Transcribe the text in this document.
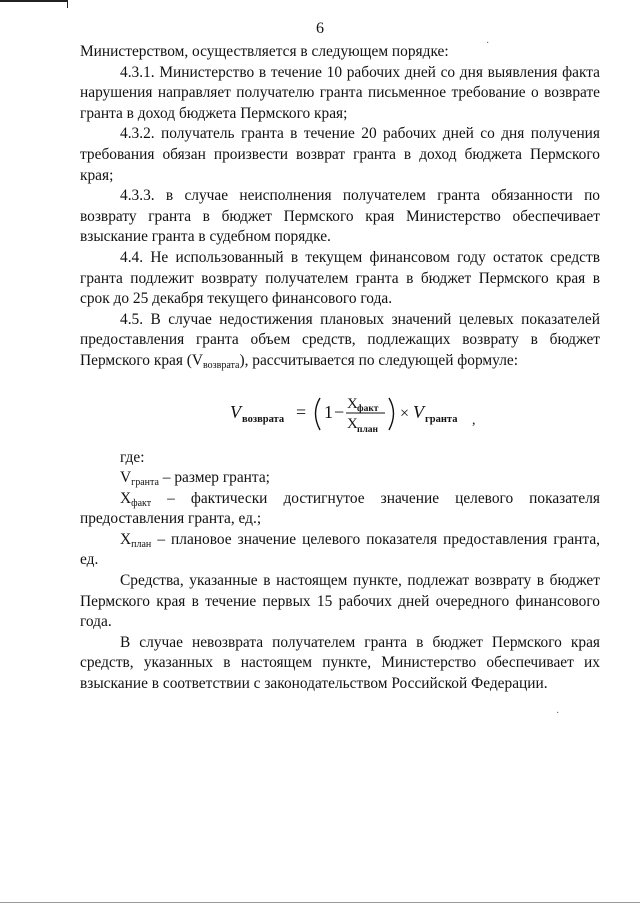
6

Министерством, осуществляется в следующем порядке:

4.3.1. Министерство в течение 10 рабочих дней со дня выявления факта нарушения направляет получателю гранта письменное требование о возврате гранта в доход бюджета Пермского края;

4.3.2. получатель гранта в течение 20 рабочих дней со дня получения требования обязан произвести возврат гранта в доход бюджета Пермского края;

4.3.3. в случае неисполнения получателем гранта обязанности по возврату гранта в бюджет Пермского края Министерство обеспечивает взыскание гранта в судебном порядке.

4.4. Не использованный в текущем финансовом году остаток средств гранта подлежит возврату получателем гранта в бюджет Пермского края в срок до 25 декабря текущего финансового года.

4.5. В случае недостижения плановых значений целевых показателей предоставления гранта объем средств, подлежащих возврату в бюджет Пермского края $(V_{возврата})$, рассчитывается по следующей формуле:

V возврата = 1 − X факт
X план
× V гранта ,

где:

$V_{гранта}$ – размер гранта;

$X_{факт}$ – фактически достигнутое значение целевого показателя предоставления гранта, ед.;

$X_{план}$ – плановое значение целевого показателя предоставления гранта, ед.

Средства, указанные в настоящем пункте, подлежат возврату в бюджет Пермского края в течение первых 15 рабочих дней очередного финансового года.

В случае невозврата получателем гранта в бюджет Пермского края средств, указанных в настоящем пункте, Министерство обеспечивает их взыскание в соответствии с законодательством Российской Федерации.

·
·
